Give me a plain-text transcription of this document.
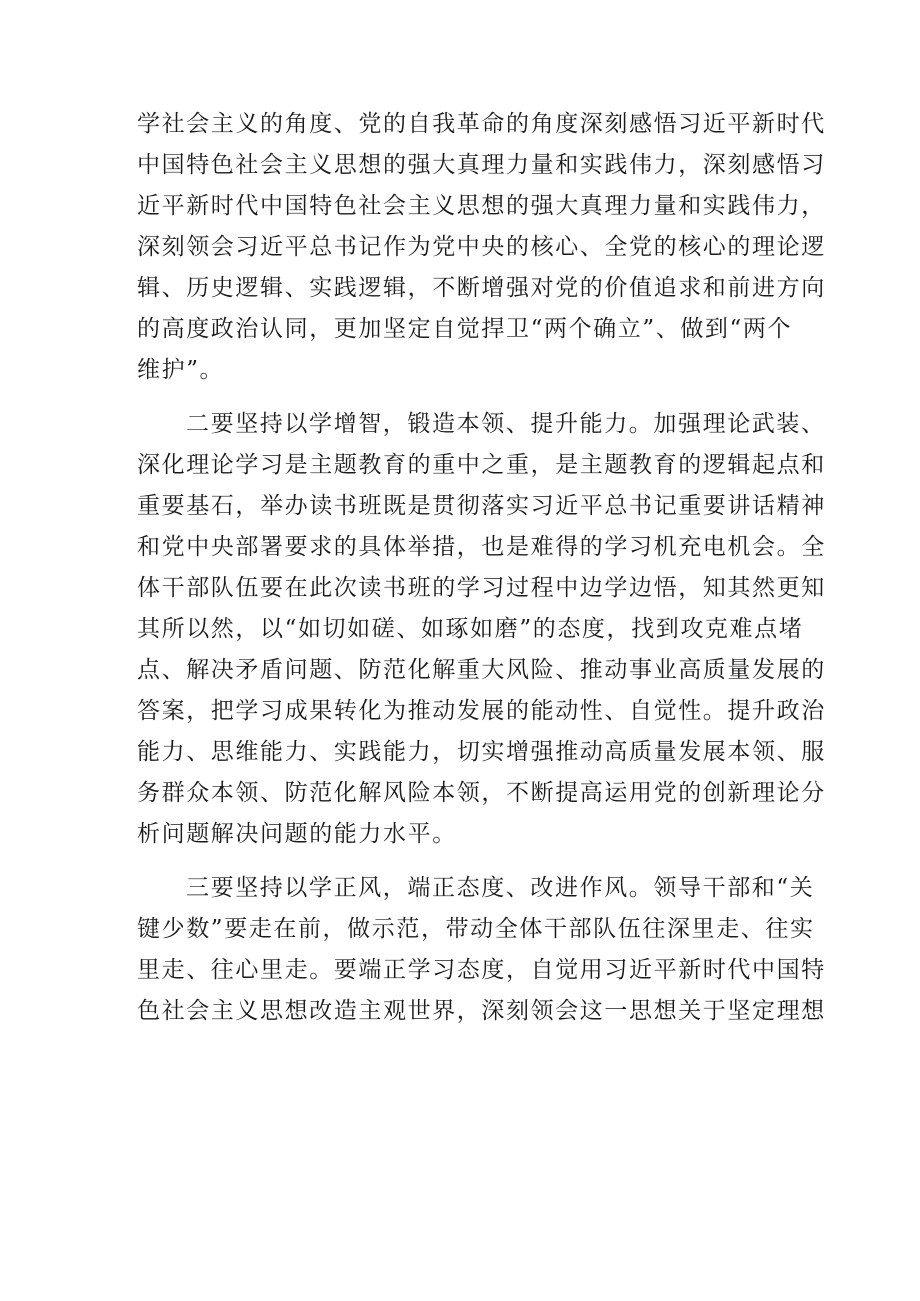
学社会主义的角度、党的自我革命的角度深刻感悟习近平新时代
中国特色社会主义思想的强大真理力量和实践伟力，深刻感悟习
近平新时代中国特色社会主义思想的强大真理力量和实践伟力，
深刻领会习近平总书记作为党中央的核心、全党的核心的理论逻
辑、历史逻辑、实践逻辑，不断增强对党的价值追求和前进方向
的高度政治认同，更加坚定自觉捍卫“两个确立”、做到“两个
维护”。
二要坚持以学增智，锻造本领、提升能力。加强理论武装、
深化理论学习是主题教育的重中之重，是主题教育的逻辑起点和
重要基石，举办读书班既是贯彻落实习近平总书记重要讲话精神
和党中央部署要求的具体举措，也是难得的学习机充电机会。全
体干部队伍要在此次读书班的学习过程中边学边悟，知其然更知
其所以然，以“如切如磋、如琢如磨”的态度，找到攻克难点堵
点、解决矛盾问题、防范化解重大风险、推动事业高质量发展的
答案，把学习成果转化为推动发展的能动性、自觉性。提升政治
能力、思维能力、实践能力，切实增强推动高质量发展本领、服
务群众本领、防范化解风险本领，不断提高运用党的创新理论分
析问题解决问题的能力水平。
三要坚持以学正风，端正态度、改进作风。领导干部和“关
键少数”要走在前，做示范，带动全体干部队伍往深里走、往实
里走、往心里走。要端正学习态度，自觉用习近平新时代中国特
色社会主义思想改造主观世界，深刻领会这一思想关于坚定理想
